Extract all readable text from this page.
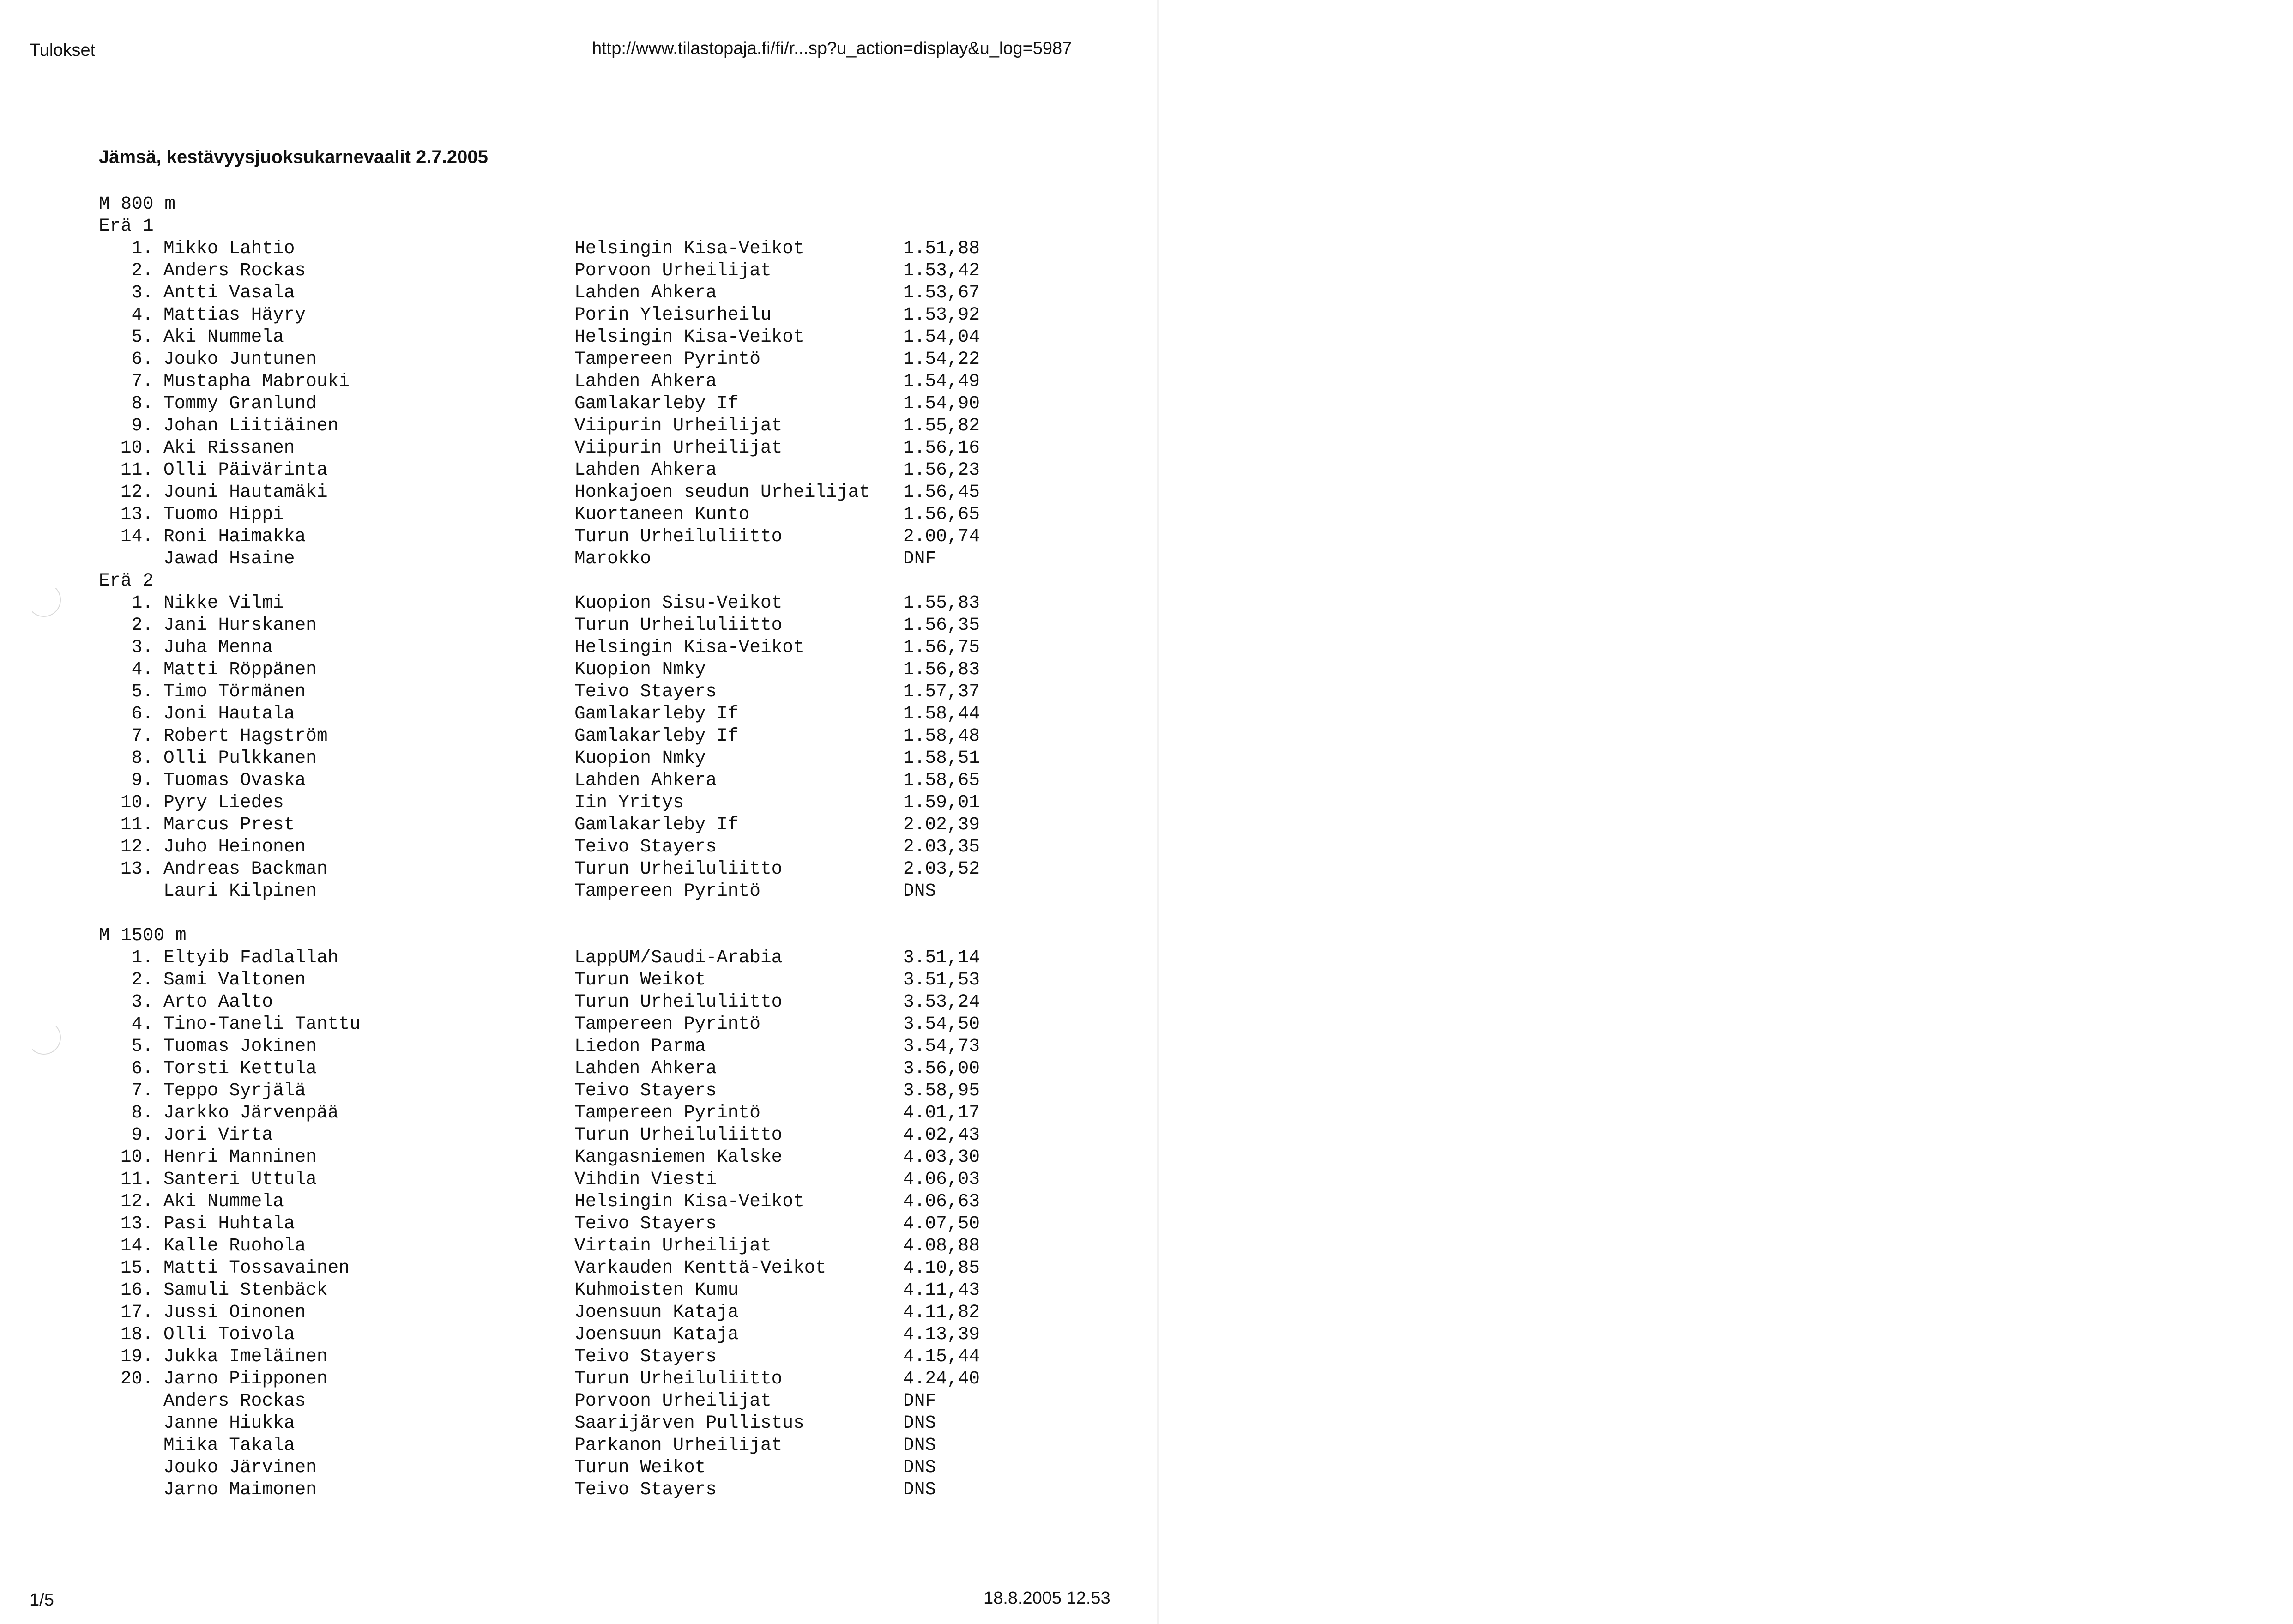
Tulokset	http://www.tilastopaja.fi/fi/r...sp?u_action=display&u_log=5987
Jämsä, kestävyysjuoksukarnevaalit 2.7.2005
M 800 m
Erä 1
1. Mikko Lahtio	Helsingin Kisa-Veikot	1.51,88
2. Anders Rockas	Porvoon Urheilijat	1.53,42
3. Antti Vasala	Lahden Ahkera	1.53,67
4. Mattias Häyry	Porin Yleisurheilu	1.53,92
5. Aki Nummela	Helsingin Kisa-Veikot	1.54,04
6. Jouko Juntunen	Tampereen Pyrintö	1.54,22
7. Mustapha Mabrouki	Lahden Ahkera	1.54,49
8. Tommy Granlund	Gamlakarleby If	1.54,90
9. Johan Liitiäinen	Viipurin Urheilijat	1.55,82
10. Aki Rissanen	Viipurin Urheilijat	1.56,16
11. Olli Päivärinta	Lahden Ahkera	1.56,23
12. Jouni Hautamäki	Honkajoen seudun Urheilijat	1.56,45
13. Tuomo Hippi	Kuortaneen Kunto	1.56,65
14. Roni Haimakka	Turun Urheiluliitto	2.00,74
Jawad Hsaine	Marokko	DNF
Erä 2
1. Nikke Vilmi	Kuopion Sisu-Veikot	1.55,83
2. Jani Hurskanen	Turun Urheiluliitto	1.56,35
3. Juha Menna	Helsingin Kisa-Veikot	1.56,75
4. Matti Röppänen	Kuopion Nmky	1.56,83
5. Timo Törmänen	Teivo Stayers	1.57,37
6. Joni Hautala	Gamlakarleby If	1.58,44
7. Robert Hagström	Gamlakarleby If	1.58,48
8. Olli Pulkkanen	Kuopion Nmky	1.58,51
9. Tuomas Ovaska	Lahden Ahkera	1.58,65
10. Pyry Liedes	Iin Yritys	1.59,01
11. Marcus Prest	Gamlakarleby If	2.02,39
12. Juho Heinonen	Teivo Stayers	2.03,35
13. Andreas Backman	Turun Urheiluliitto	2.03,52
Lauri Kilpinen	Tampereen Pyrintö	DNS
M 1500 m
1. Eltyib Fadlallah	LappUM/Saudi-Arabia	3.51,14
2. Sami Valtonen	Turun Weikot	3.51,53
3. Arto Aalto	Turun Urheiluliitto	3.53,24
4. Tino-Taneli Tanttu	Tampereen Pyrintö	3.54,50
5. Tuomas Jokinen	Liedon Parma	3.54,73
6. Torsti Kettula	Lahden Ahkera	3.56,00
7. Teppo Syrjälä	Teivo Stayers	3.58,95
8. Jarkko Järvenpää	Tampereen Pyrintö	4.01,17
9. Jori Virta	Turun Urheiluliitto	4.02,43
10. Henri Manninen	Kangasniemen Kalske	4.03,30
11. Santeri Uttula	Vihdin Viesti	4.06,03
12. Aki Nummela	Helsingin Kisa-Veikot	4.06,63
13. Pasi Huhtala	Teivo Stayers	4.07,50
14. Kalle Ruohola	Virtain Urheilijat	4.08,88
15. Matti Tossavainen	Varkauden Kenttä-Veikot	4.10,85
16. Samuli Stenbäck	Kuhmoisten Kumu	4.11,43
17. Jussi Oinonen	Joensuun Kataja	4.11,82
18. Olli Toivola	Joensuun Kataja	4.13,39
19. Jukka Imeläinen	Teivo Stayers	4.15,44
20. Jarno Piipponen	Turun Urheiluliitto	4.24,40
Anders Rockas	Porvoon Urheilijat	DNF
Janne Hiukka	Saarijärven Pullistus	DNS
Miika Takala	Parkanon Urheilijat	DNS
Jouko Järvinen	Turun Weikot	DNS
Jarno Maimonen	Teivo Stayers	DNS
1/5	18.8.2005 12.53
